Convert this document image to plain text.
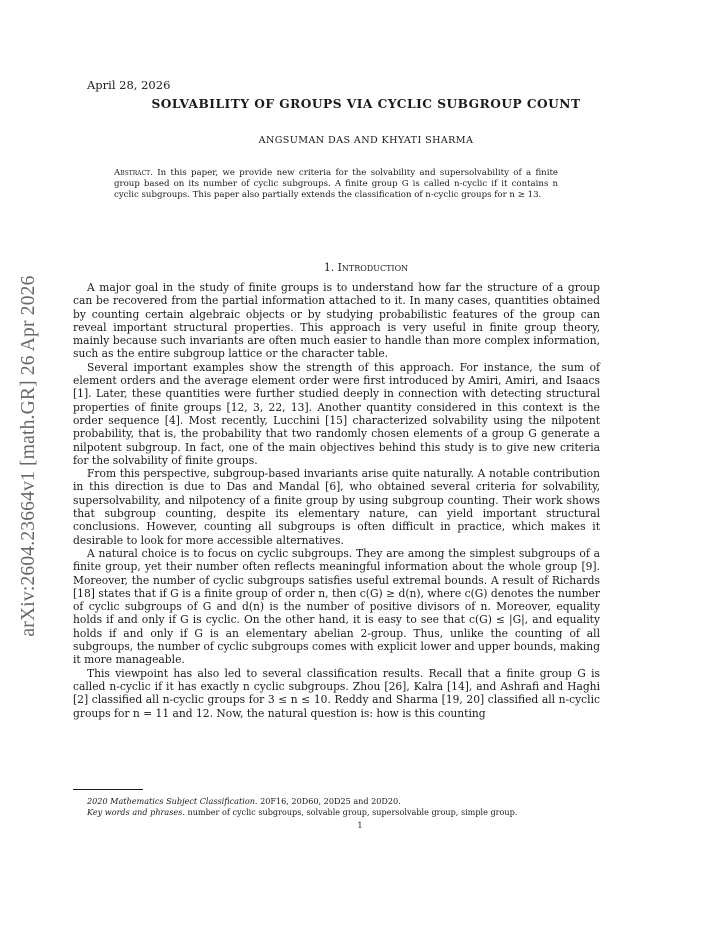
April 28, 2026
SOLVABILITY OF GROUPS VIA CYCLIC SUBGROUP COUNT
ANGSUMAN DAS AND KHYATI SHARMA
Abstract. In this paper, we provide new criteria for the solvability and supersolvability of a finite group based on its number of cyclic subgroups. A finite group G is called n-cyclic if it contains n cyclic subgroups. This paper also partially extends the classification of n-cyclic groups for n ≥ 13.
arXiv:2604.23664v1 [math.GR] 26 Apr 2026
1. Introduction

A major goal in the study of finite groups is to understand how far the structure of a group can be recovered from the partial information attached to it. In many cases, quantities obtained by counting certain algebraic objects or by studying probabilistic features of the group can reveal important structural properties. This approach is very useful in finite group theory, mainly because such invariants are often much easier to handle than more complex information, such as the entire subgroup lattice or the character table.

Several important examples show the strength of this approach. For instance, the sum of element orders and the average element order were first introduced by Amiri, Amiri, and Isaacs [1]. Later, these quantities were further studied deeply in connection with detecting structural properties of finite groups [12, 3, 22, 13]. Another quantity considered in this context is the order sequence [4]. Most recently, Lucchini [15] characterized solvability using the nilpotent probability, that is, the probability that two randomly chosen elements of a group G generate a nilpotent subgroup. In fact, one of the main objectives behind this study is to give new criteria for the solvability of finite groups.

From this perspective, subgroup-based invariants arise quite naturally. A notable contribution in this direction is due to Das and Mandal [6], who obtained several criteria for solvability, supersolvability, and nilpotency of a finite group by using subgroup counting. Their work shows that subgroup counting, despite its elementary nature, can yield important structural conclusions. However, counting all subgroups is often difficult in practice, which makes it desirable to look for more accessible alternatives.

A natural choice is to focus on cyclic subgroups. They are among the simplest subgroups of a finite group, yet their number often reflects meaningful information about the whole group [9]. Moreover, the number of cyclic subgroups satisfies useful extremal bounds. A result of Richards [18] states that if G is a finite group of order n, then c(G) ≥ d(n), where c(G) denotes the number of cyclic subgroups of G and d(n) is the number of positive divisors of n. Moreover, equality holds if and only if G is cyclic. On the other hand, it is easy to see that c(G) ≤ |G|, and equality holds if and only if G is an elementary abelian 2-group. Thus, unlike the counting of all subgroups, the number of cyclic subgroups comes with explicit lower and upper bounds, making it more manageable.

This viewpoint has also led to several classification results. Recall that a finite group G is called n-cyclic if it has exactly n cyclic subgroups. Zhou [26], Kalra [14], and Ashrafi and Haghi [2] classified all n-cyclic groups for 3 ≤ n ≤ 10. Reddy and Sharma [19, 20] classified all n-cyclic groups for n = 11 and 12. Now, the natural question is: how is this counting

2020 Mathematics Subject Classification. 20F16, 20D60, 20D25 and 20D20.
Key words and phrases. number of cyclic subgroups, solvable group, supersolvable group, simple group.
1
